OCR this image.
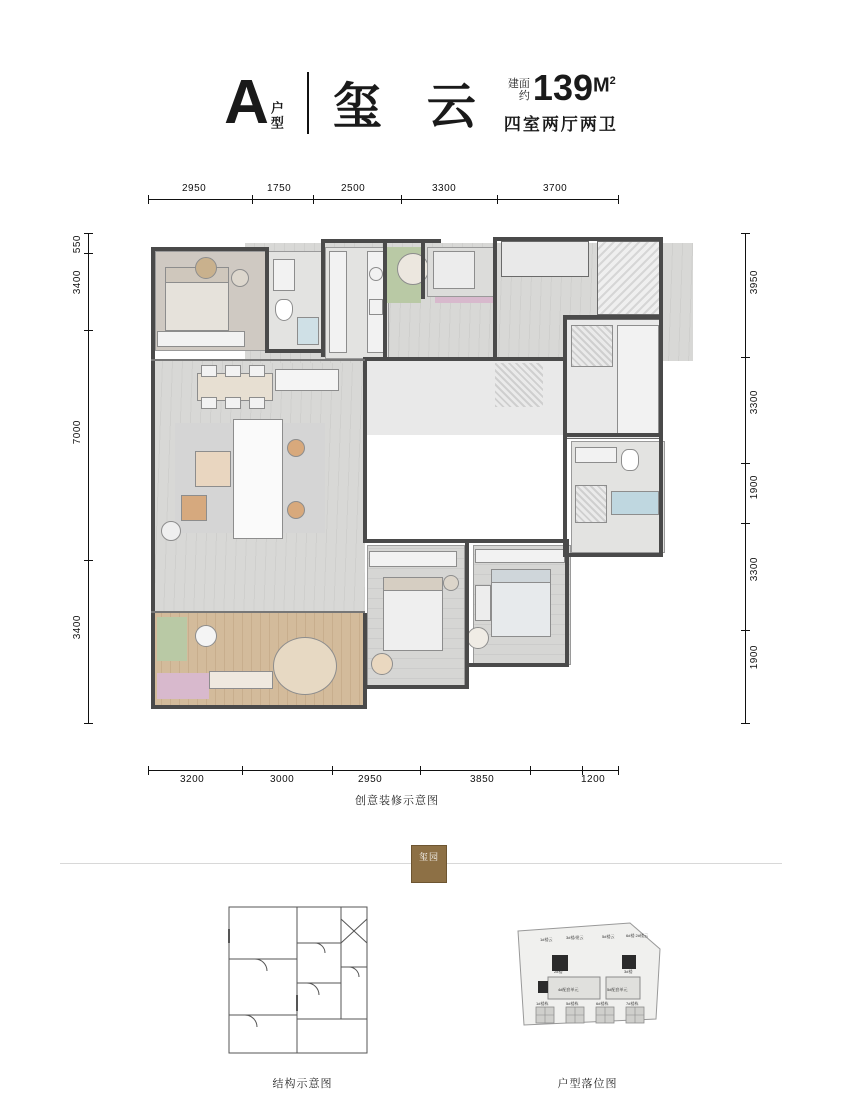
A户型 玺 云	建面
约 139 $M^2$
四室两厅两卫
2950	1750	2500	3300	3700
3200	3000	2950	3850	1200
550
3400
7000
3400
3950
3300
1900
3300
1900
创意装修示意图
玺园
结构示意图
1#楼云	3#楼/建云	5#楼云	6#楼 2#楼云
2#楼	3#楼
4#配套单元	5#配套单元
1#楼栋	5#楼栋	6#楼栋	7#楼栋
户型落位图
